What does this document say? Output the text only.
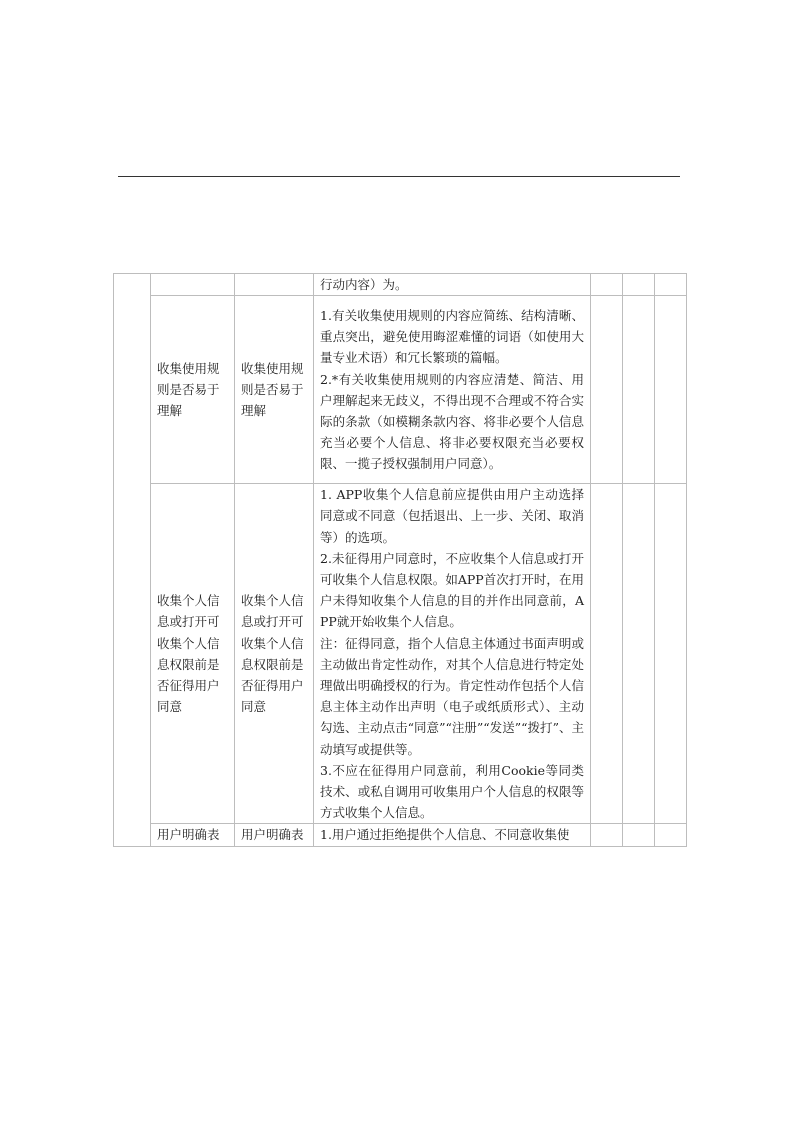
			行动内容）为。			

	收集使用规则是否易于理解	收集使用规则是否易于理解	1.有关收集使用规则的内容应简练、结构清晰、重点突出，避免使用晦涩难懂的词语（如使用大量专业术语）和冗长繁琐的篇幅。
2.*有关收集使用规则的内容应清楚、简洁、用户理解起来无歧义，不得出现不合理或不符合实际的条款（如模糊条款内容、将非必要个人信息充当必要个人信息、将非必要权限充当必要权限、一揽子授权强制用户同意）。			

	收集个人信息或打开可收集个人信息权限前是否征得用户同意	收集个人信息或打开可收集个人信息权限前是否征得用户同意	1. APP收集个人信息前应提供由用户主动选择同意或不同意（包括退出、上一步、关闭、取消等）的选项。
2.未征得用户同意时，不应收集个人信息或打开可收集个人信息权限。如APP首次打开时，在用户未得知收集个人信息的目的并作出同意前，APP就开始收集个人信息。
注：征得同意，指个人信息主体通过书面声明或主动做出肯定性动作，对其个人信息进行特定处理做出明确授权的行为。肯定性动作包括个人信息主体主动作出声明（电子或纸质形式）、主动勾选、主动点击“同意”“注册”“发送”“拨打”、主动填写或提供等。
3.不应在征得用户同意前，利用Cookie等同类技术、或私自调用可收集用户个人信息的权限等方式收集个人信息。			

	用户明确表	用户明确表	1.用户通过拒绝提供个人信息、不同意收集使			
